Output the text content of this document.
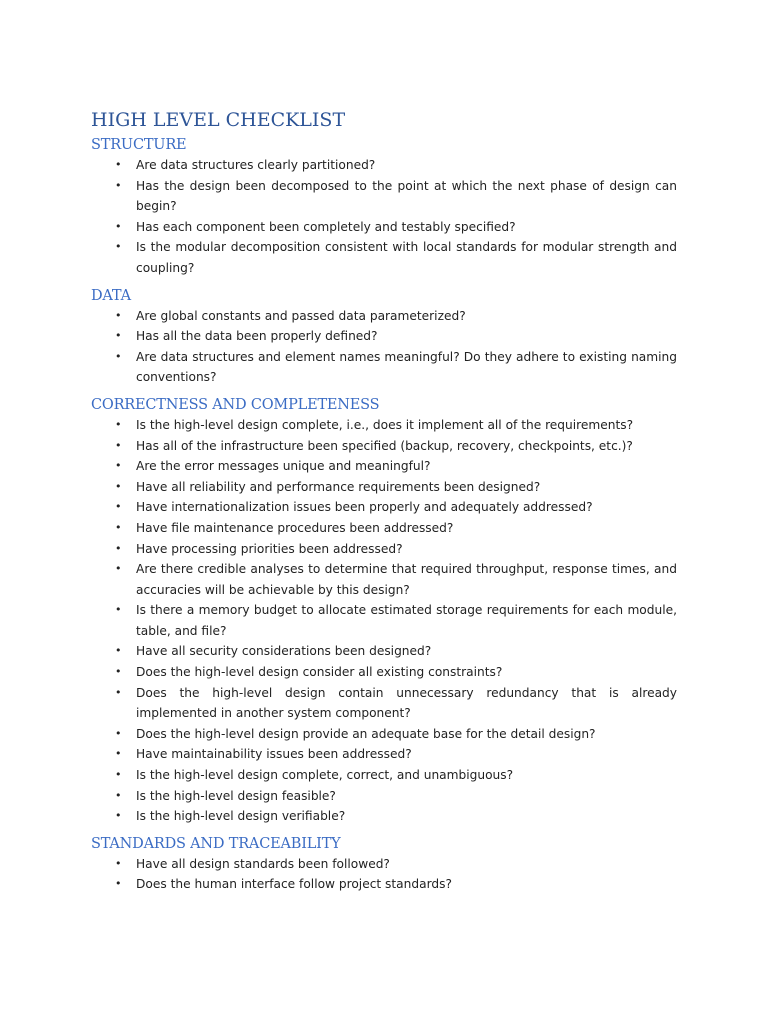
HIGH LEVEL CHECKLIST
STRUCTURE
• Are data structures clearly partitioned?
• Has the design been decomposed to the point at which the next phase of design can begin?
• Has each component been completely and testably specified?
• Is the modular decomposition consistent with local standards for modular strength and coupling?
DATA
• Are global constants and passed data parameterized?
• Has all the data been properly defined?
• Are data structures and element names meaningful? Do they adhere to existing naming conventions?
CORRECTNESS AND COMPLETENESS
• Is the high-level design complete, i.e., does it implement all of the requirements?
• Has all of the infrastructure been specified (backup, recovery, checkpoints, etc.)?
• Are the error messages unique and meaningful?
• Have all reliability and performance requirements been designed?
• Have internationalization issues been properly and adequately addressed?
• Have file maintenance procedures been addressed?
• Have processing priorities been addressed?
• Are there credible analyses to determine that required throughput, response times, and accuracies will be achievable by this design?
• Is there a memory budget to allocate estimated storage requirements for each module, table, and file?
• Have all security considerations been designed?
• Does the high-level design consider all existing constraints?
• Does the high-level design contain unnecessary redundancy that is already implemented in another system component?
• Does the high-level design provide an adequate base for the detail design?
• Have maintainability issues been addressed?
• Is the high-level design complete, correct, and unambiguous?
• Is the high-level design feasible?
• Is the high-level design verifiable?
STANDARDS AND TRACEABILITY
• Have all design standards been followed?
• Does the human interface follow project standards?
